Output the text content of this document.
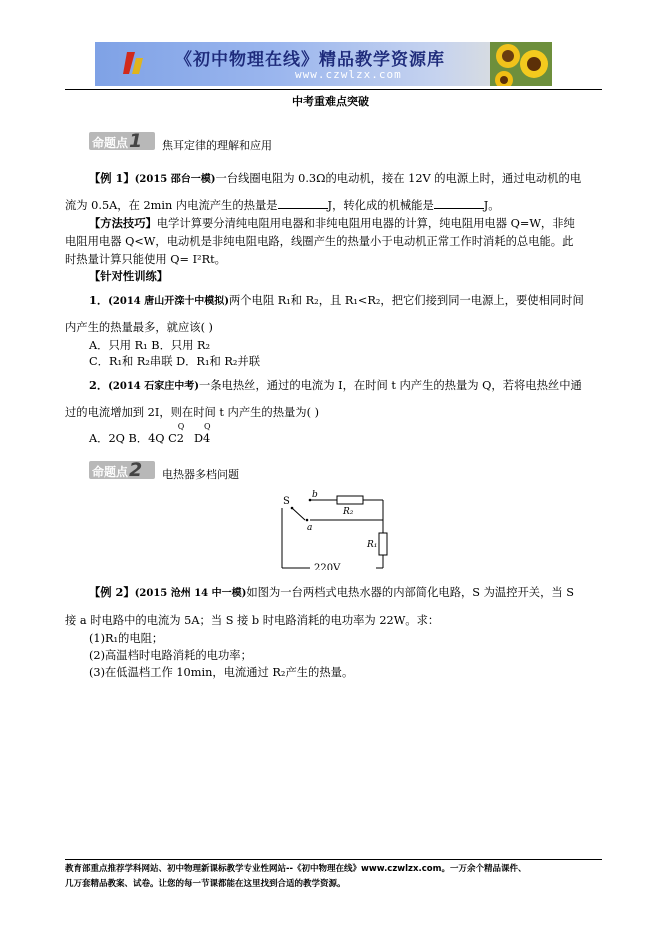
《初中物理在线》精品教学资源库
www.czwlzx.com
中考重难点突破
命题点1	焦耳定律的理解和应用
【例 1】(2015 邵台一模)一台线圈电阻为 0.3Ω的电动机，接在 12V 的电源上时，通过电动机的电
流为 0.5A，在 2min 内电流产生的热量是	J，转化成的机械能是	J。
【方法技巧】电学计算要分清纯电阻用电器和非纯电阻用电器的计算，纯电阻用电器 Q=W，非纯
电阻用电器 Q<W，电动机是非纯电阻电路，线圈产生的热量小于电动机正常工作时消耗的总电能。此
时热量计算只能使用 Q= I²Rt。
【针对性训练】
1．(2014 唐山开滦十中模拟)两个电阻 R₁和 R₂，且 R₁<R₂，把它们接到同一电源上，要使相同时间
内产生的热量最多，就应该( )
A．只用 R₁ B．只用 R₂
C．R₁和 R₂串联 D．R₁和 R₂并联
2．(2014 石家庄中考)一条电热丝，通过的电流为 I，在时间 t 内产生的热量为 Q，若将电热丝中通
过的电流增加到 2I，则在时间 t 内产生的热量为( )
A．2Q B．4Q C
Q
2 D
Q
4
命题点2	电热器多档问题
S
b
a
R₂
R₁
220V
【例 2】(2015 沧州 14 中一模)如图为一台两档式电热水器的内部简化电路，S 为温控开关，当 S
接 a 时电路中的电流为 5A；当 S 接 b 时电路消耗的电功率为 22W。求：
(1)R₁的电阻；
(2)高温档时电路消耗的电功率；
(3)在低温档工作 10min，电流通过 R₂产生的热量。
教育部重点推荐学科网站、初中物理新课标教学专业性网站--《初中物理在线》www.czwlzx.com。一万余个精品课件、
几万套精品教案、试卷。让您的每一节课都能在这里找到合适的教学资源。
